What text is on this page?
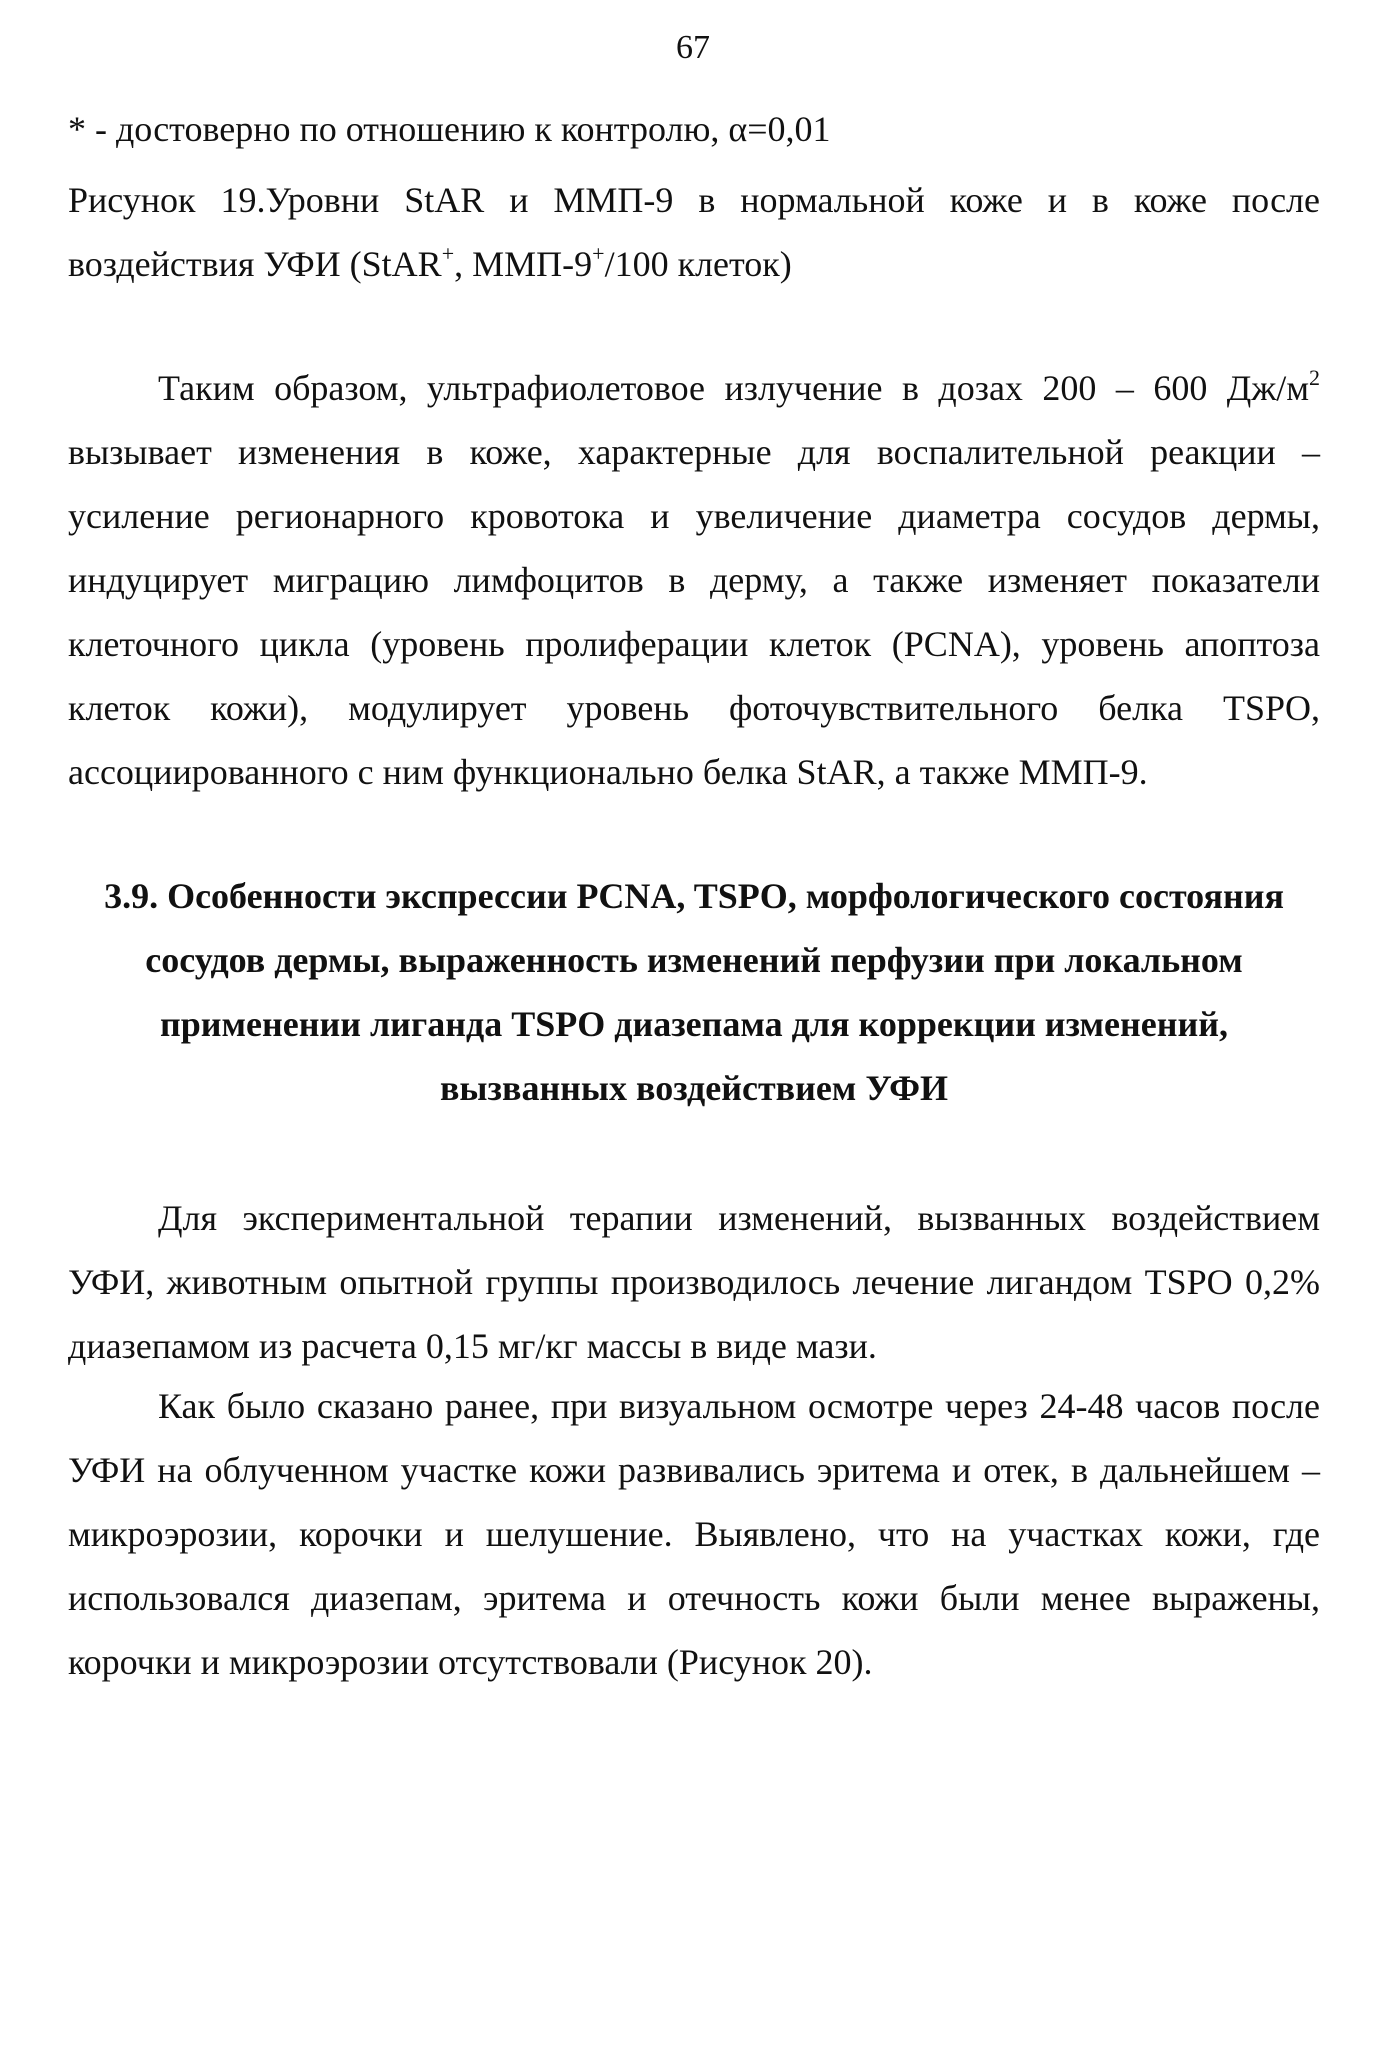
67
* - достоверно по отношению к контролю, α=0,01
Рисунок 19.Уровни StAR и ММП-9 в нормальной коже и в коже после
воздействия УФИ (StAR+, ММП-9+/100 клеток)
Таким образом, ультрафиолетовое излучение в дозах 200 – 600 $Дж/м^2$ вызывает изменения в коже, характерные для воспалительной реакции – усиление регионарного кровотока и увеличение диаметра сосудов дермы, индуцирует миграцию лимфоцитов в дерму, а также изменяет показатели клеточного цикла (уровень пролиферации клеток (PCNA), уровень апоптоза клеток кожи), модулирует уровень фоточувствительного белка TSPO, ассоциированного с ним функционально белка StAR, а также ММП-9.
3.9. Особенности экспрессии PCNA, TSPO, морфологического состояния сосудов дермы, выраженность изменений перфузии при локальном применении лиганда TSPO диазепама для коррекции изменений, вызванных воздействием УФИ
Для экспериментальной терапии изменений, вызванных воздействием УФИ, животным опытной группы производилось лечение лигандом TSPO 0,2% диазепамом из расчета 0,15 мг/кг массы в виде мази.
Как было сказано ранее, при визуальном осмотре через 24-48 часов после УФИ на облученном участке кожи развивались эритема и отек, в дальнейшем – микроэрозии, корочки и шелушение. Выявлено, что на участках кожи, где использовался диазепам, эритема и отечность кожи были менее выражены, корочки и микроэрозии отсутствовали (Рисунок 20).
